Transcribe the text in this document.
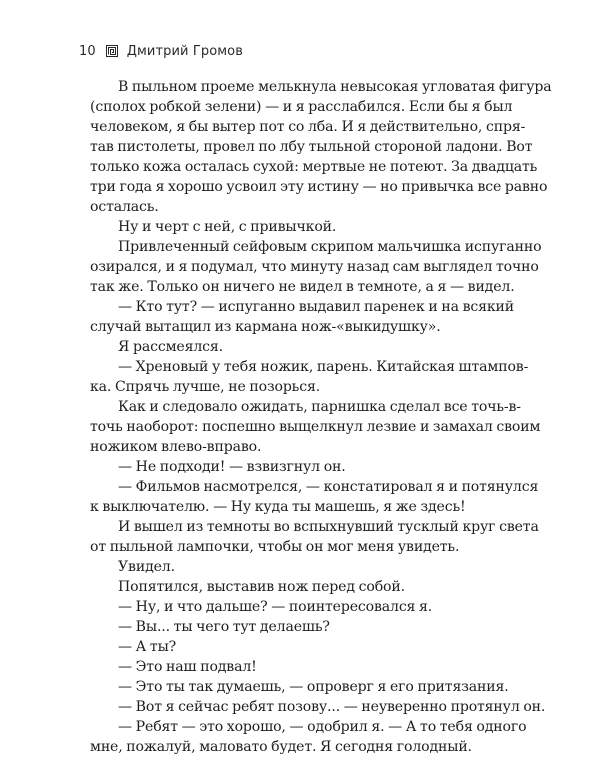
10 Дмитрий Громов

В пыльном проеме мелькнула невысокая угловатая фигура
(сполох робкой зелени) — и я расслабился. Если бы я был
человеком, я бы вытер пот со лба. И я действительно, спря-
тав пистолеты, провел по лбу тыльной стороной ладони. Вот
только кожа осталась сухой: мертвые не потеют. За двадцать
три года я хорошо усвоил эту истину — но привычка все равно
осталась.

Ну и черт с ней, с привычкой.

Привлеченный сейфовым скрипом мальчишка испуганно
озирался, и я подумал, что минуту назад сам выглядел точно
так же. Только он ничего не видел в темноте, а я — видел.

— Кто тут? — испуганно выдавил паренек и на всякий
случай вытащил из кармана нож-«выкидушку».

Я рассмеялся.

— Хреновый у тебя ножик, парень. Китайская штампов-
ка. Спрячь лучше, не позорься.

Как и следовало ожидать, парнишка сделал все точь-в-
точь наоборот: поспешно выщелкнул лезвие и замахал своим
ножиком влево-вправо.

— Не подходи! — взвизгнул он.

— Фильмов насмотрелся, — констатировал я и потянулся
к выключателю. — Ну куда ты машешь, я же здесь!

И вышел из темноты во вспыхнувший тусклый круг света
от пыльной лампочки, чтобы он мог меня увидеть.

Увидел.

Попятился, выставив нож перед собой.

— Ну, и что дальше? — поинтересовался я.

— Вы... ты чего тут делаешь?

— А ты?

— Это наш подвал!

— Это ты так думаешь, — опроверг я его притязания.

— Вот я сейчас ребят позову... — неуверенно протянул он.

— Ребят — это хорошо, — одобрил я. — А то тебя одного
мне, пожалуй, маловато будет. Я сегодня голодный.
